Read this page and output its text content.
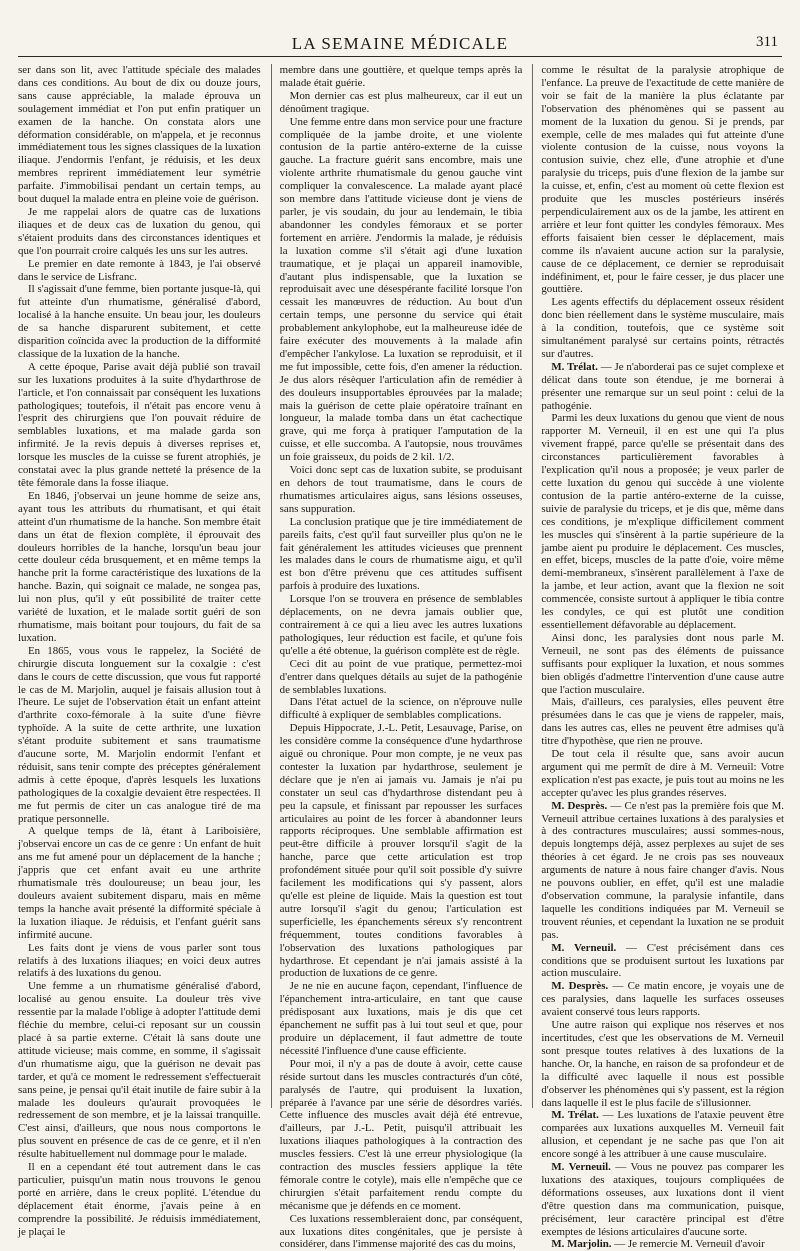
LA SEMAINE MÉDICALE	311

ser dans son lit, avec l'attitude spéciale des malades dans ces conditions. Au bout de dix ou douze jours, sans cause appréciable, la malade éprouva un soulagement immédiat et l'on put enfin pratiquer un examen de la hanche. On constata alors une déformation considérable, on m'appela, et je reconnus immédiatement tous les signes classiques de la luxation iliaque. J'endormis l'enfant, je réduisis, et les deux membres reprirent immédiatement leur symétrie parfaite. J'immobilisai pendant un certain temps, au bout duquel la malade entra en pleine voie de guérison.

Je me rappelai alors de quatre cas de luxations iliaques et de deux cas de luxation du genou, qui s'étaient produits dans des circonstances identiques et que l'on pourrait croire calqués les uns sur les autres.

Le premier en date remonte à 1843, je l'ai observé dans le service de Lisfranc.

Il s'agissait d'une femme, bien portante jusque-là, qui fut atteinte d'un rhumatisme, généralisé d'abord, localisé à la hanche ensuite. Un beau jour, les douleurs de sa hanche disparurent subitement, et cette disparition coïncida avec la production de la difformité classique de la luxation de la hanche.

A cette époque, Parise avait déjà publié son travail sur les luxations produites à la suite d'hydarthrose de l'article, et l'on connaissait par conséquent les luxations pathologiques; toutefois, il n'était pas encore venu à l'esprit des chirurgiens que l'on pouvait réduire de semblables luxations, et ma malade garda son infirmité. Je la revis depuis à diverses reprises et, lorsque les muscles de la cuisse se furent atrophiés, je constatai avec la plus grande netteté la présence de la tête fémorale dans la fosse iliaque.

En 1846, j'observai un jeune homme de seize ans, ayant tous les attributs du rhumatisant, et qui était atteint d'un rhumatisme de la hanche. Son membre était dans un état de flexion complète, il éprouvait des douleurs horribles de la hanche, lorsqu'un beau jour cette douleur céda brusquement, et en même temps la hanche prit la forme caractéristique des luxations de la hanche. Bazin, qui soignait ce malade, ne songea pas, lui non plus, qu'il y eût possibilité de traiter cette variété de luxation, et le malade sortit guéri de son rhumatisme, mais boitant pour toujours, du fait de sa luxation.

En 1865, vous vous le rappelez, la Société de chirurgie discuta longuement sur la coxalgie : c'est dans le cours de cette discussion, que vous fut rapporté le cas de M. Marjolin, auquel je faisais allusion tout à l'heure. Le sujet de l'observation était un enfant atteint d'arthrite coxo-fémorale à la suite d'une fièvre typhoïde. A la suite de cette arthrite, une luxation s'étant produite subitement et sans traumatisme d'aucune sorte, M. Marjolin endormit l'enfant et réduisit, sans tenir compte des préceptes généralement admis à cette époque, d'après lesquels les luxations pathologiques de la coxalgie devaient être respectées. Il me fut permis de citer un cas analogue tiré de ma pratique personnelle.

A quelque temps de là, étant à Lariboisière, j'observai encore un cas de ce genre : Un enfant de huit ans me fut amené pour un déplacement de la hanche ; j'appris que cet enfant avait eu une arthrite rhumatismale très douloureuse; un beau jour, les douleurs avaient subitement disparu, mais en même temps la hanche avait présenté la difformité spéciale à la luxation iliaque. Je réduisis, et l'enfant guérit sans infirmité aucune.

Les faits dont je viens de vous parler sont tous relatifs à des luxations iliaques; en voici deux autres relatifs à des luxations du genou.

Une femme a un rhumatisme généralisé d'abord, localisé au genou ensuite. La douleur très vive ressentie par la malade l'oblige à adopter l'attitude demi fléchie du membre, celui-ci reposant sur un coussin placé à sa partie externe. C'était là sans doute une attitude vicieuse; mais comme, en somme, il s'agissait d'un rhumatisme aigu, que la guérison ne devait pas tarder, et qu'à ce moment le redressement s'effectuerait sans peine, je pensai qu'il était inutile de faire subir à la malade les douleurs qu'aurait provoquées le redressement de son membre, et je la laissai tranquille. C'est ainsi, d'ailleurs, que nous nous comportons le plus souvent en présence de cas de ce genre, et il n'en résulte habituellement nul dommage pour le malade.

Il en a cependant été tout autrement dans le cas particulier, puisqu'un matin nous trouvons le genou porté en arrière, dans le creux poplité. L'étendue du déplacement était énorme, j'avais peine à en comprendre la possibilité. Je réduisis immédiatement, je plaçai le

membre dans une gouttière, et quelque temps après la malade était guérie.

Mon dernier cas est plus malheureux, car il eut un dénoûment tragique.

Une femme entre dans mon service pour une fracture compliquée de la jambe droite, et une violente contusion de la partie antéro-externe de la cuisse gauche. La fracture guérit sans encombre, mais une violente arthrite rhumatismale du genou gauche vint compliquer la convalescence. La malade ayant placé son membre dans l'attitude vicieuse dont je viens de parler, je vis soudain, du jour au lendemain, le tibia abandonner les condyles fémoraux et se porter fortement en arrière. J'endormis la malade, je réduisis la luxation comme s'il s'était agi d'une luxation traumatique, et je plaçai un appareil inamovible, d'autant plus indispensable, que la luxation se reproduisait avec une désespérante facilité lorsque l'on cessait les manœuvres de réduction. Au bout d'un certain temps, une personne du service qui était probablement ankylophobe, eut la malheureuse idée de faire exécuter des mouvements à la malade afin d'empêcher l'ankylose. La luxation se reproduisit, et il me fut impossible, cette fois, d'en amener la réduction. Je dus alors résèquer l'articulation afin de remédier à des douleurs insupportables éprouvées par la malade; mais la guérison de cette plaie opératoire traînant en longueur, la malade tomba dans un état cachectique grave, qui me força à pratiquer l'amputation de la cuisse, et elle succomba. A l'autopsie, nous trouvâmes un foie graisseux, du poids de 2 kil. 1/2.

Voici donc sept cas de luxation subite, se produisant en dehors de tout traumatisme, dans le cours de rhumatismes articulaires aigus, sans lésions osseuses, sans suppuration.

La conclusion pratique que je tire immédiatement de pareils faits, c'est qu'il faut surveiller plus qu'on ne le fait généralement les attitudes vicieuses que prennent les malades dans le cours de rhumatisme aigu, et qu'il est bon d'être prévenu que ces attitudes suffisent parfois à produire des luxations.

Lorsque l'on se trouvera en présence de semblables déplacements, on ne devra jamais oublier que, contrairement à ce qui a lieu avec les autres luxations pathologiques, leur réduction est facile, et qu'une fois qu'elle a été obtenue, la guérison complète est de règle.

Ceci dit au point de vue pratique, permettez-moi d'entrer dans quelques détails au sujet de la pathogénie de semblables luxations.

Dans l'état actuel de la science, on n'éprouve nulle difficulté à expliquer de semblables complications.

Depuis Hippocrate, J.-L. Petit, Lesauvage, Parise, on les considère comme la conséquence d'une hydarthrose aiguë ou chronique. Pour mon compte, je ne veux pas contester la luxation par hydarthrose, seulement je déclare que je n'en ai jamais vu. Jamais je n'ai pu constater un seul cas d'hydarthrose distendant peu à peu la capsule, et finissant par repousser les surfaces articulaires au point de les forcer à abandonner leurs rapports réciproques. Une semblable affirmation est peut-être difficile à prouver lorsqu'il s'agit de la hanche, parce que cette articulation est trop profondément située pour qu'il soit possible d'y suivre facilement les modifications qui s'y passent, alors qu'elle est pleine de liquide. Mais la question est tout autre lorsqu'il s'agit du genou; l'articulation est superficielle, les épanchements séreux s'y rencontrent fréquemment, toutes conditions favorables à l'observation des luxations pathologiques par hydarthrose. Et cependant je n'ai jamais assisté à la production de luxations de ce genre.

Je ne nie en aucune façon, cependant, l'influence de l'épanchement intra-articulaire, en tant que cause prédisposant aux luxations, mais je dis que cet épanchement ne suffit pas à lui tout seul et que, pour produire un déplacement, il faut admettre de toute nécessité l'influence d'une cause efficiente.

Pour moi, il n'y a pas de doute à avoir, cette cause réside surtout dans les muscles contracturés d'un côté, paralysés de l'autre, qui produisent la luxation, préparée à l'avance par une série de désordres variés. Cette influence des muscles avait déjà été entrevue, d'ailleurs, par J.-L. Petit, puisqu'il attribuait les luxations iliaques pathologiques à la contraction des muscles fessiers. C'est là une erreur physiologique (la contraction des muscles fessiers applique la tête fémorale contre le cotyle), mais elle n'empêche que ce chirurgien s'était parfaitement rendu compte du mécanisme que je défends en ce moment.

Ces luxations ressembleraient donc, par conséquent, aux luxations dites congénitales, que je persiste à considérer, dans l'immense majorité des cas du moins,

comme le résultat de la paralysie atrophique de l'enfance. La preuve de l'exactitude de cette manière de voir se fait de la manière la plus éclatante par l'observation des phénomènes qui se passent au moment de la luxation du genou. Si je prends, par exemple, celle de mes malades qui fut atteinte d'une violente contusion de la cuisse, nous voyons la contusion suivie, chez elle, d'une atrophie et d'une paralysie du triceps, puis d'une flexion de la jambe sur la cuisse, et, enfin, c'est au moment où cette flexion est produite que les muscles postérieurs insérés perpendiculairement aux os de la jambe, les attirent en arrière et leur font quitter les condyles fémoraux. Mes efforts faisaient bien cesser le déplacement, mais comme ils n'avaient aucune action sur la paralysie, cause de ce déplacement, ce dernier se reproduisait indéfiniment, et, pour le faire cesser, je dus placer une gouttière.

Les agents effectifs du déplacement osseux résident donc bien réellement dans le système musculaire, mais à la condition, toutefois, que ce système soit simultanément paralysé sur certains points, rétractés sur d'autres.

M. Trélat. — Je n'aborderai pas ce sujet complexe et délicat dans toute son étendue, je me bornerai à présenter une remarque sur un seul point : celui de la pathogénie.

Parmi les deux luxations du genou que vient de nous rapporter M. Verneuil, il en est une qui l'a plus vivement frappé, parce qu'elle se présentait dans des circonstances particulièrement favorables à l'explication qu'il nous a proposée; je veux parler de cette luxation du genou qui succède à une violente contusion de la partie antéro-externe de la cuisse, suivie de paralysie du triceps, et je dis que, même dans ces conditions, je m'explique difficilement comment les muscles qui s'insèrent à la partie supérieure de la jambe aient pu produire le déplacement. Ces muscles, en effet, biceps, muscles de la patte d'oie, voire même demi-membraneux, s'insèrent parallèlement à l'axe de la jambe, et leur action, avant que la flexion ne soit commencée, consiste surtout à appliquer le tibia contre les condyles, ce qui est plutôt une condition essentiellement défavorable au déplacement.

Ainsi donc, les paralysies dont nous parle M. Verneuil, ne sont pas des éléments de puissance suffisants pour expliquer la luxation, et nous sommes bien obligés d'admettre l'intervention d'une cause autre que l'action musculaire.

Mais, d'ailleurs, ces paralysies, elles peuvent être présumées dans le cas que je viens de rappeler, mais, dans les autres cas, elles ne peuvent être admises qu'à titre d'hypothèse, que rien ne prouve.

De tout cela il résulte que, sans avoir aucun argument qui me permît de dire à M. Verneuil: Votre explication n'est pas exacte, je puis tout au moins ne les accepter qu'avec les plus grandes réserves.

M. Desprès. — Ce n'est pas la première fois que M. Verneuil attribue certaines luxations à des paralysies et à des contractures musculaires; aussi sommes-nous, depuis longtemps déjà, assez perplexes au sujet de ses théories à cet égard. Je ne crois pas ses nouveaux arguments de nature à nous faire changer d'avis. Nous ne pouvons oublier, en effet, qu'il est une maladie d'observation commune, la paralysie infantile, dans laquelle les conditions indiquées par M. Verneuil se trouvent réunies, et cependant la luxation ne se produit pas.

M. Verneuil. — C'est précisément dans ces conditions que se produisent surtout les luxations par action musculaire.

M. Desprès. — Ce matin encore, je voyais une de ces paralysies, dans laquelle les surfaces osseuses avaient conservé tous leurs rapports.

Une autre raison qui explique nos réserves et nos incertitudes, c'est que les observations de M. Verneuil sont presque toutes relatives à des luxations de la hanche. Or, la hanche, en raison de sa profondeur et de la difficulté avec laquelle il nous est possible d'observer les phénomènes qui s'y passent, est la région dans laquelle il est le plus facile de s'illusionner.

M. Trélat. — Les luxations de l'ataxie peuvent être comparées aux luxations auxquelles M. Verneuil fait allusion, et cependant je ne sache pas que l'on ait encore songé à les attribuer à une cause musculaire.

M. Verneuil. — Vous ne pouvez pas comparer les luxations des ataxiques, toujours compliquées de déformations osseuses, aux luxations dont il vient d'être question dans ma communication, puisque, précisément, leur caractère principal est d'être exemptes de lésions articulaires d'aucune sorte.

M. Marjolin. — Je remercie M. Verneuil d'avoir
